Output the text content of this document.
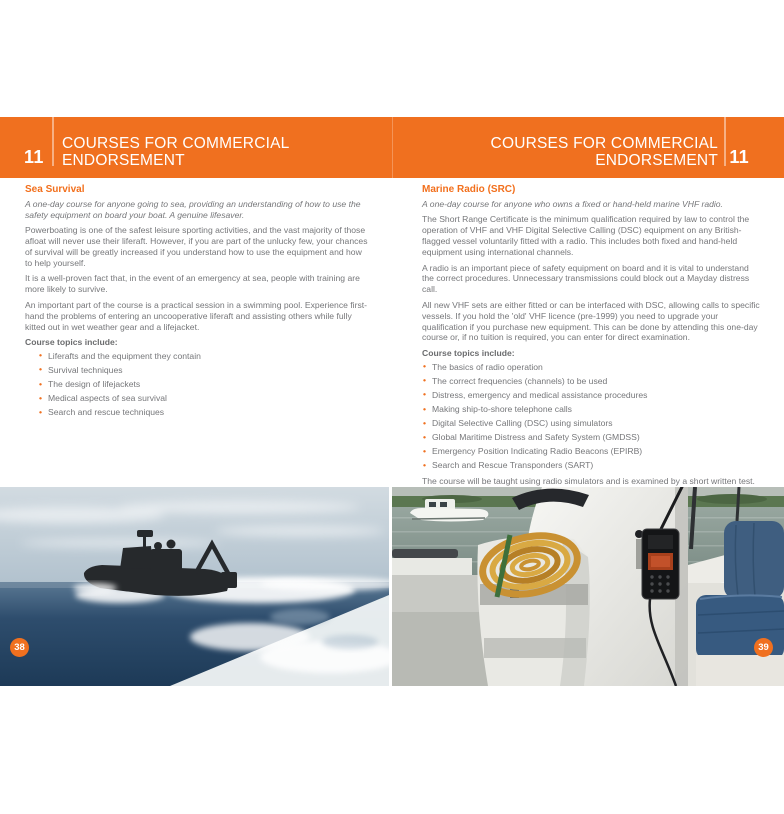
11
COURSES FOR COMMERCIAL
ENDORSEMENT
COURSES FOR COMMERCIAL
ENDORSEMENT 11
Sea Survival

A one-day course for anyone going to sea, providing an understanding of how to use the safety equipment on board your boat. A genuine lifesaver.

Powerboating is one of the safest leisure sporting activities, and the vast majority of those afloat will never use their liferaft. However, if you are part of the unlucky few, your chances of survival will be greatly increased if you understand how to use the equipment and how to help yourself.

It is a well-proven fact that, in the event of an emergency at sea, people with training are more likely to survive.

An important part of the course is a practical session in a swimming pool. Experience first-hand the problems of entering an uncooperative liferaft and assisting others while fully kitted out in wet weather gear and a lifejacket.

Course topics include:

• Liferafts and the equipment they contain
• Survival techniques
• The design of lifejackets
• Medical aspects of sea survival
• Search and rescue techniques
Marine Radio (SRC)

A one-day course for anyone who owns a fixed or hand-held marine VHF radio.

The Short Range Certificate is the minimum qualification required by law to control the operation of VHF and VHF Digital Selective Calling (DSC) equipment on any British-flagged vessel voluntarily fitted with a radio. This includes both fixed and hand-held equipment using international channels.

A radio is an important piece of safety equipment on board and it is vital to understand the correct procedures. Unnecessary transmissions could block out a Mayday distress call.

All new VHF sets are either fitted or can be interfaced with DSC, allowing calls to specific vessels. If you hold the 'old' VHF licence (pre-1999) you need to upgrade your qualification if you purchase new equipment. This can be done by attending this one-day course or, if no tuition is required, you can enter for direct examination.

Course topics include:

• The basics of radio operation
• The correct frequencies (channels) to be used
• Distress, emergency and medical assistance procedures
• Making ship-to-shore telephone calls
• Digital Selective Calling (DSC) using simulators
• Global Maritime Distress and Safety System (GMDSS)
• Emergency Position Indicating Radio Beacons (EPIRB)
• Search and Rescue Transponders (SART)

The course will be taught using radio simulators and is examined by a short written test.

38	39
